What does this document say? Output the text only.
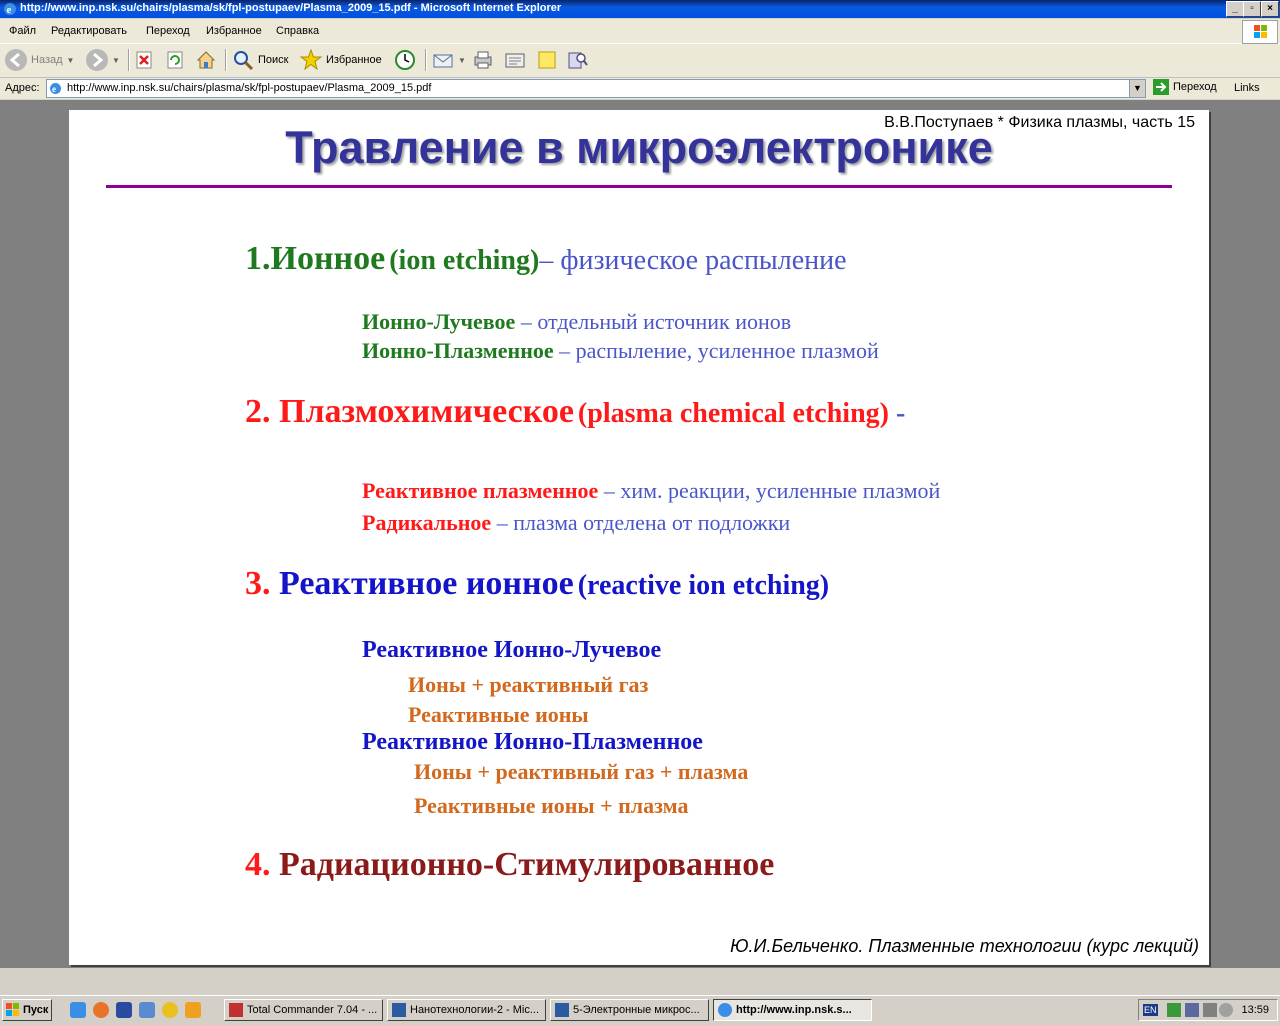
e http://www.inp.nsk.su/chairs/plasma/sk/fpl-postupaev/Plasma_2009_15.pdf - Microsoft Internet Explorer	_	▫	×
Файл Редактировать Переход Избранное Справка
Назад ▼	▼	Поиск	Избранное	▼
Адрес: e http://www.inp.nsk.su/chairs/plasma/sk/fpl-postupaev/Plasma_2009_15.pdf	▼	Переход Links
В.В.Поступаев * Физика плазмы, часть 15
Травление в микроэлектронике
1.Ионное (ion etching)– физическое распыление
Ионно-Лучевое – отдельный источник ионов
Ионно-Плазменное – распыление, усиленное плазмой
2. Плазмохимическое (plasma chemical etching) -
Реактивное плазменное – хим. реакции, усиленные плазмой
Радикальное – плазма отделена от подложки
3. Реактивное ионное (reactive ion etching)
Реактивное Ионно-Лучевое
Ионы + реактивный газ
Реактивные ионы
Реактивное Ионно-Плазменное
Ионы + реактивный газ + плазма
Реактивные ионы + плазма
4. Радиационно-Стимулированное
Ю.И.Бельченко. Плазменные технологии (курс лекций)
Пуск	Total Commander 7.04 - ...	Нанотехнологии-2 - Mic...	5-Электронные микрос...	http://www.inp.nsk.s...	EN	13:59
